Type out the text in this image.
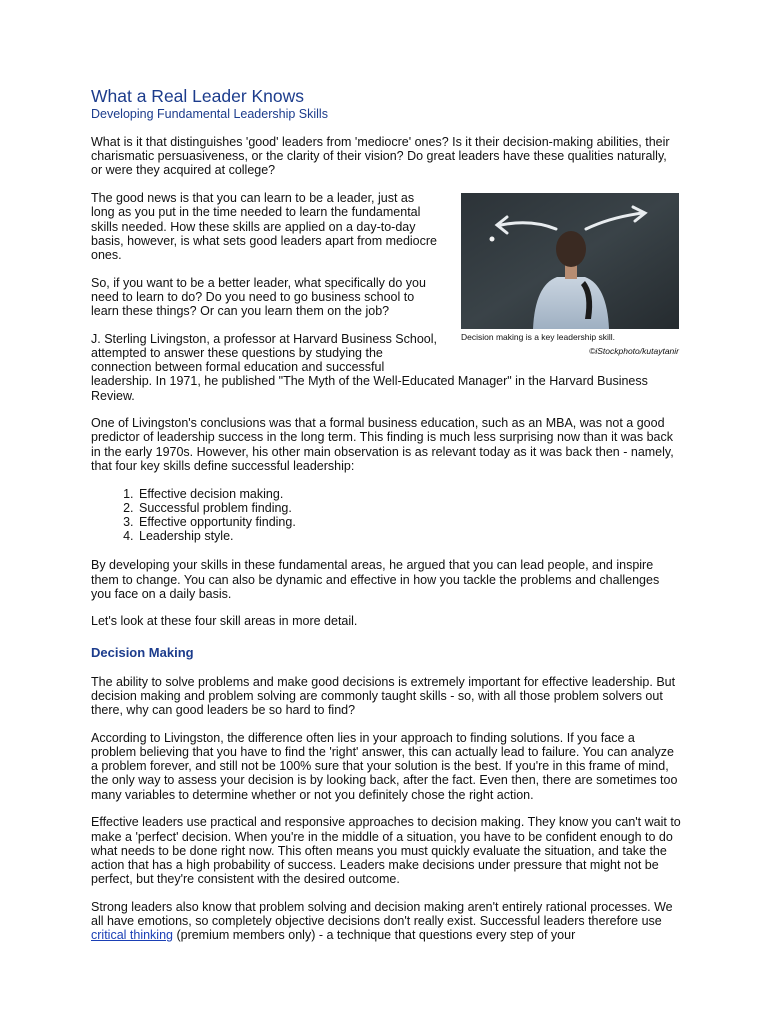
What a Real Leader Knows
Developing Fundamental Leadership Skills

What is it that distinguishes 'good' leaders from 'mediocre' ones? Is it their decision-making abilities, their charismatic persuasiveness, or the clarity of their vision? Do great leaders have these qualities naturally, or were they acquired at college?

Decision making is a key leadership skill.
©iStockphoto/kutaytanir

The good news is that you can learn to be a leader, just as long as you put in the time needed to learn the fundamental skills needed. How these skills are applied on a day-to-day basis, however, is what sets good leaders apart from mediocre ones.

So, if you want to be a better leader, what specifically do you need to learn to do? Do you need to go business school to learn these things? Or can you learn them on the job?

J. Sterling Livingston, a professor at Harvard Business School, attempted to answer these questions by studying the connection between formal education and successful leadership. In 1971, he published "The Myth of the Well-Educated Manager" in the Harvard Business Review.

One of Livingston's conclusions was that a formal business education, such as an MBA, was not a good predictor of leadership success in the long term. This finding is much less surprising now than it was back in the early 1970s. However, his other main observation is as relevant today as it was back then - namely, that four key skills define successful leadership:

1. Effective decision making.
2. Successful problem finding.
3. Effective opportunity finding.
4. Leadership style.

By developing your skills in these fundamental areas, he argued that you can lead people, and inspire them to change. You can also be dynamic and effective in how you tackle the problems and challenges you face on a daily basis.

Let's look at these four skill areas in more detail.

Decision Making

The ability to solve problems and make good decisions is extremely important for effective leadership. But decision making and problem solving are commonly taught skills - so, with all those problem solvers out there, why can good leaders be so hard to find?

According to Livingston, the difference often lies in your approach to finding solutions. If you face a problem believing that you have to find the 'right' answer, this can actually lead to failure. You can analyze a problem forever, and still not be 100% sure that your solution is the best. If you're in this frame of mind, the only way to assess your decision is by looking back, after the fact. Even then, there are sometimes too many variables to determine whether or not you definitely chose the right action.

Effective leaders use practical and responsive approaches to decision making. They know you can't wait to make a 'perfect' decision. When you're in the middle of a situation, you have to be confident enough to do what needs to be done right now. This often means you must quickly evaluate the situation, and take the action that has a high probability of success. Leaders make decisions under pressure that might not be perfect, but they're consistent with the desired outcome.

Strong leaders also know that problem solving and decision making aren't entirely rational processes. We all have emotions, so completely objective decisions don't really exist. Successful leaders therefore use critical thinking (premium members only) - a technique that questions every step of your
